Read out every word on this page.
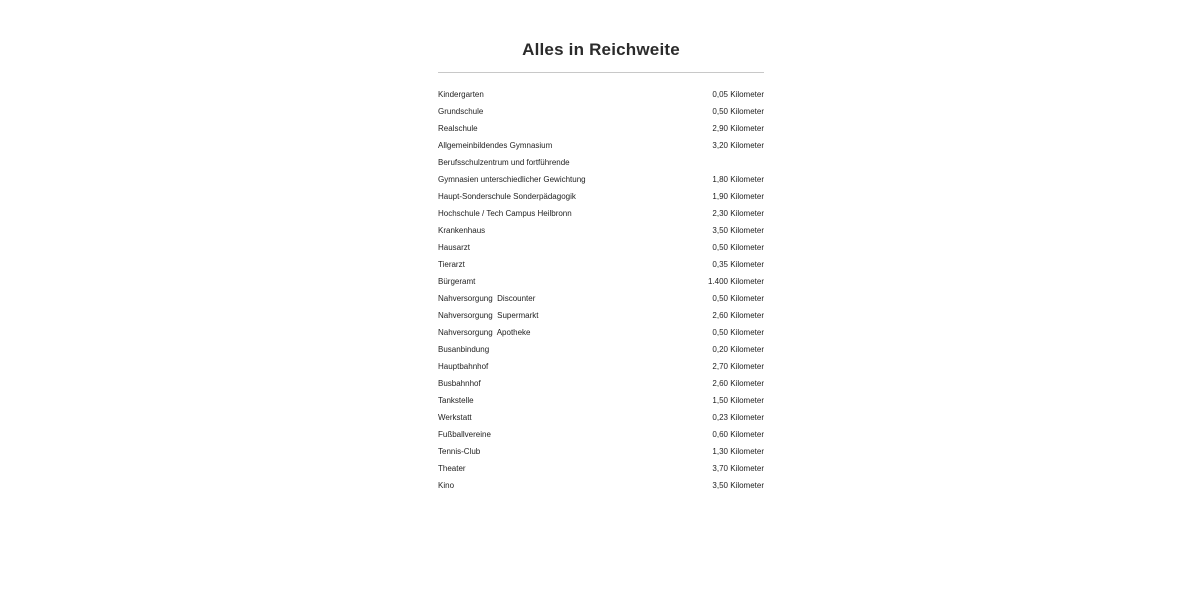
Alles in Reichweite
Kindergarten	0,05 Kilometer
Grundschule	0,50 Kilometer
Realschule	2,90 Kilometer
Allgemeinbildendes Gymnasium	3,20 Kilometer
Berufsschulzentrum und fortführende
Gymnasien unterschiedlicher Gewichtung	1,80 Kilometer
Haupt-Sonderschule Sonderpädagogik	1,90 Kilometer
Hochschule / Tech Campus Heilbronn	2,30 Kilometer
Krankenhaus	3,50 Kilometer
Hausarzt	0,50 Kilometer
Tierarzt	0,35 Kilometer
Bürgeramt	1.400 Kilometer
Nahversorgung  Discounter	0,50 Kilometer
Nahversorgung  Supermarkt	2,60 Kilometer
Nahversorgung  Apotheke	0,50 Kilometer
Busanbindung	0,20 Kilometer
Hauptbahnhof	2,70 Kilometer
Busbahnhof	2,60 Kilometer
Tankstelle	1,50 Kilometer
Werkstatt	0,23 Kilometer
Fußballvereine	0,60 Kilometer
Tennis-Club	1,30 Kilometer
Theater	3,70 Kilometer
Kino	3,50 Kilometer
